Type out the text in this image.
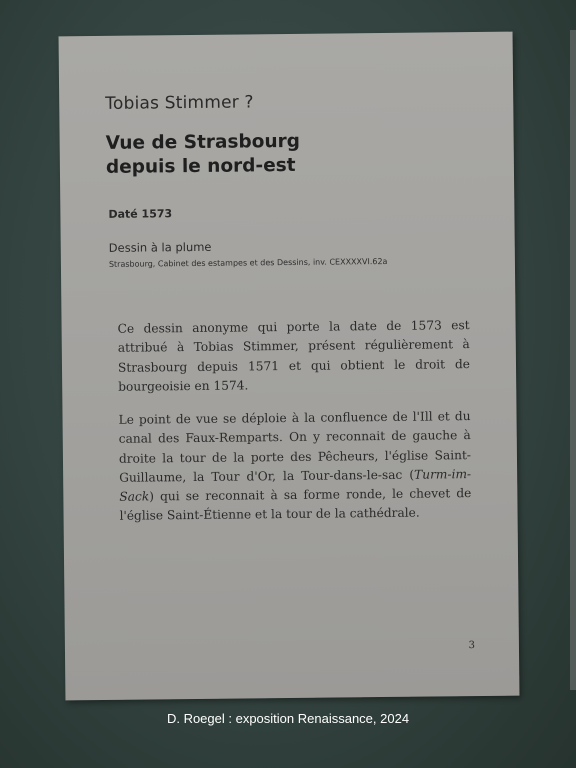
Tobias Stimmer ?
Vue de Strasbourg
depuis le nord-est
Daté 1573
Dessin à la plume
Strasbourg, Cabinet des estampes et des Dessins, inv. CEXXXXVI.62a

Ce dessin anonyme qui porte la date de 1573 est attribué à Tobias Stimmer, présent régulièrement à Strasbourg depuis 1571 et qui obtient le droit de bourgeoisie en 1574.

Le point de vue se déploie à la confluence de l'Ill et du canal des Faux-Remparts. On y reconnait de gauche à droite la tour de la porte des Pêcheurs, l'église Saint-Guillaume, la Tour d'Or, la Tour-dans-le-sac (Turm-im-Sack) qui se reconnait à sa forme ronde, le chevet de l'église Saint-Étienne et la tour de la cathédrale.

3
D. Roegel : exposition Renaissance, 2024
